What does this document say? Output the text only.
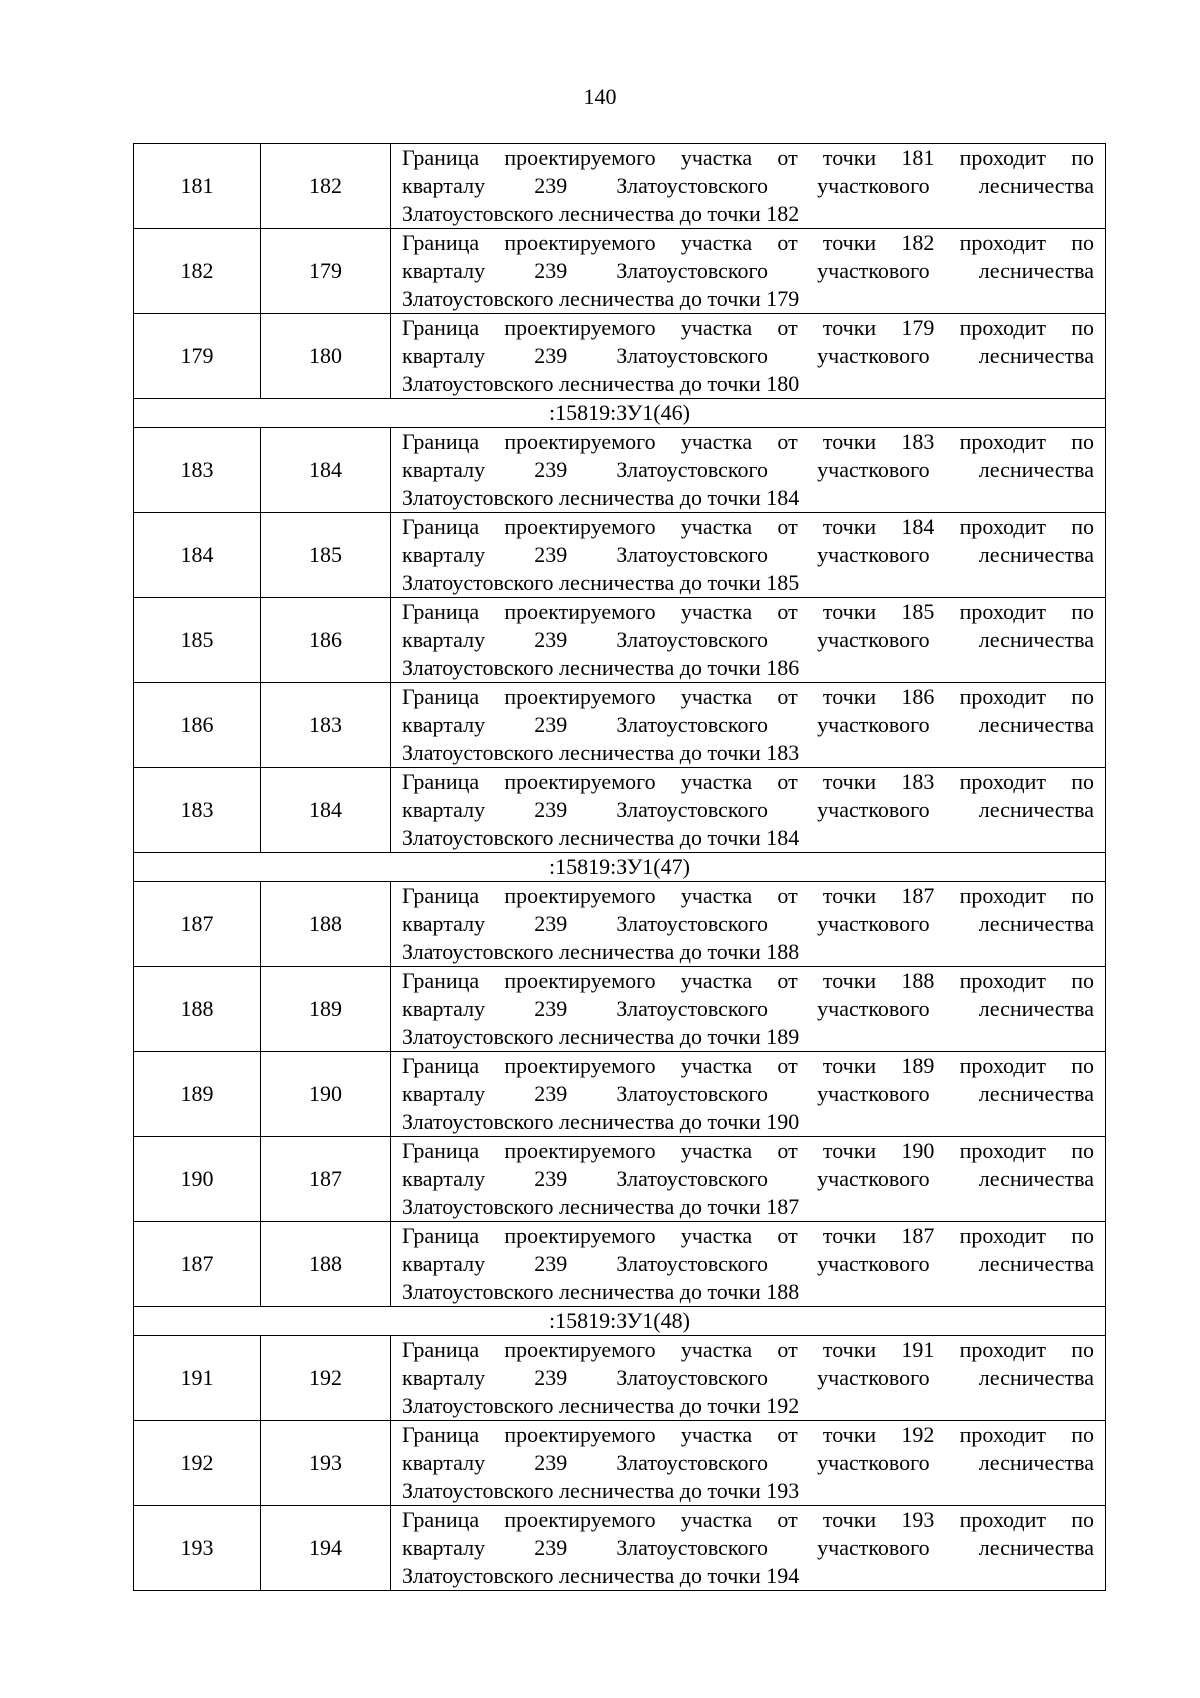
140
181	182	Граница проектируемого участка от точки 181 проходит по
кварталу 239 Златоустовского участкового лесничества
Златоустовского лесничества до точки 182

182	179	Граница проектируемого участка от точки 182 проходит по
кварталу 239 Златоустовского участкового лесничества
Златоустовского лесничества до точки 179

179	180	Граница проектируемого участка от точки 179 проходит по
кварталу 239 Златоустовского участкового лесничества
Златоустовского лесничества до точки 180

:15819:ЗУ1(46)		
183	184	Граница проектируемого участка от точки 183 проходит по
кварталу 239 Златоустовского участкового лесничества
Златоустовского лесничества до точки 184

184	185	Граница проектируемого участка от точки 184 проходит по
кварталу 239 Златоустовского участкового лесничества
Златоустовского лесничества до точки 185

185	186	Граница проектируемого участка от точки 185 проходит по
кварталу 239 Златоустовского участкового лесничества
Златоустовского лесничества до точки 186

186	183	Граница проектируемого участка от точки 186 проходит по
кварталу 239 Златоустовского участкового лесничества
Златоустовского лесничества до точки 183

183	184	Граница проектируемого участка от точки 183 проходит по
кварталу 239 Златоустовского участкового лесничества
Златоустовского лесничества до точки 184

:15819:ЗУ1(47)		
187	188	Граница проектируемого участка от точки 187 проходит по
кварталу 239 Златоустовского участкового лесничества
Златоустовского лесничества до точки 188

188	189	Граница проектируемого участка от точки 188 проходит по
кварталу 239 Златоустовского участкового лесничества
Златоустовского лесничества до точки 189

189	190	Граница проектируемого участка от точки 189 проходит по
кварталу 239 Златоустовского участкового лесничества
Златоустовского лесничества до точки 190

190	187	Граница проектируемого участка от точки 190 проходит по
кварталу 239 Златоустовского участкового лесничества
Златоустовского лесничества до точки 187

187	188	Граница проектируемого участка от точки 187 проходит по
кварталу 239 Златоустовского участкового лесничества
Златоустовского лесничества до точки 188

:15819:ЗУ1(48)		
191	192	Граница проектируемого участка от точки 191 проходит по
кварталу 239 Златоустовского участкового лесничества
Златоустовского лесничества до точки 192

192	193	Граница проектируемого участка от точки 192 проходит по
кварталу 239 Златоустовского участкового лесничества
Златоустовского лесничества до точки 193

193	194	Граница проектируемого участка от точки 193 проходит по
кварталу 239 Златоустовского участкового лесничества
Златоустовского лесничества до точки 194
